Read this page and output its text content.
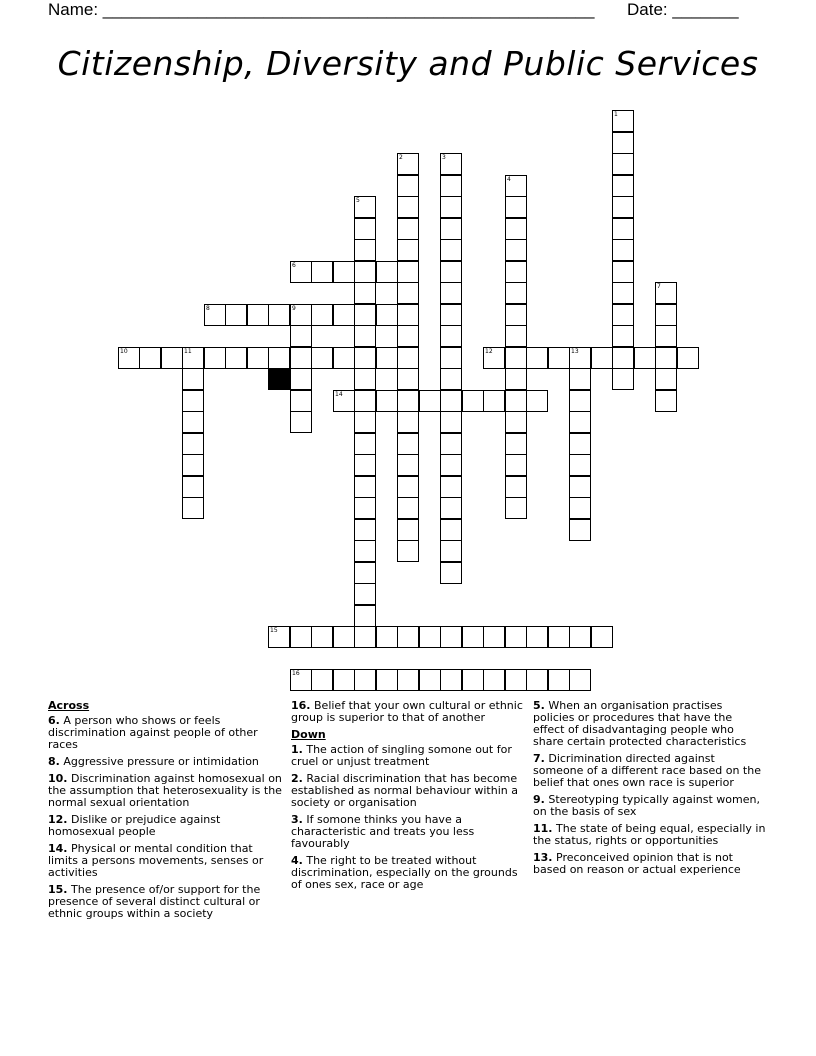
Name: ____________________________________________________ Date: _______
Citizenship, Diversity and Public Services
1
2	3
4
5
6
7
8	9
10	11	12	13
14
15
16
Across
6. A person who shows or feels discrimination against people of other races
8. Aggressive pressure or intimidation
10. Discrimination against homosexual on the assumption that heterosexuality is the normal sexual orientation
12. Dislike or prejudice against homosexual people
14. Physical or mental condition that limits a persons movements, senses or activities
15. The presence of/or support for the presence of several distinct cultural or ethnic groups within a society
16. Belief that your own cultural or ethnic group is superior to that of another
Down
1. The action of singling somone out for cruel or unjust treatment
2. Racial discrimination that has become established as normal behaviour within a society or organisation
3. If somone thinks you have a characteristic and treats you less favourably
4. The right to be treated without discrimination, especially on the grounds of ones sex, race or age
5. When an organisation practises policies or procedures that have the effect of disadvantaging people who share certain protected characteristics
7. Dicrimination directed against someone of a different race based on the belief that ones own race is superior
9. Stereotyping typically against women, on the basis of sex
11. The state of being equal, especially in the status, rights or opportunities
13. Preconceived opinion that is not based on reason or actual experience
